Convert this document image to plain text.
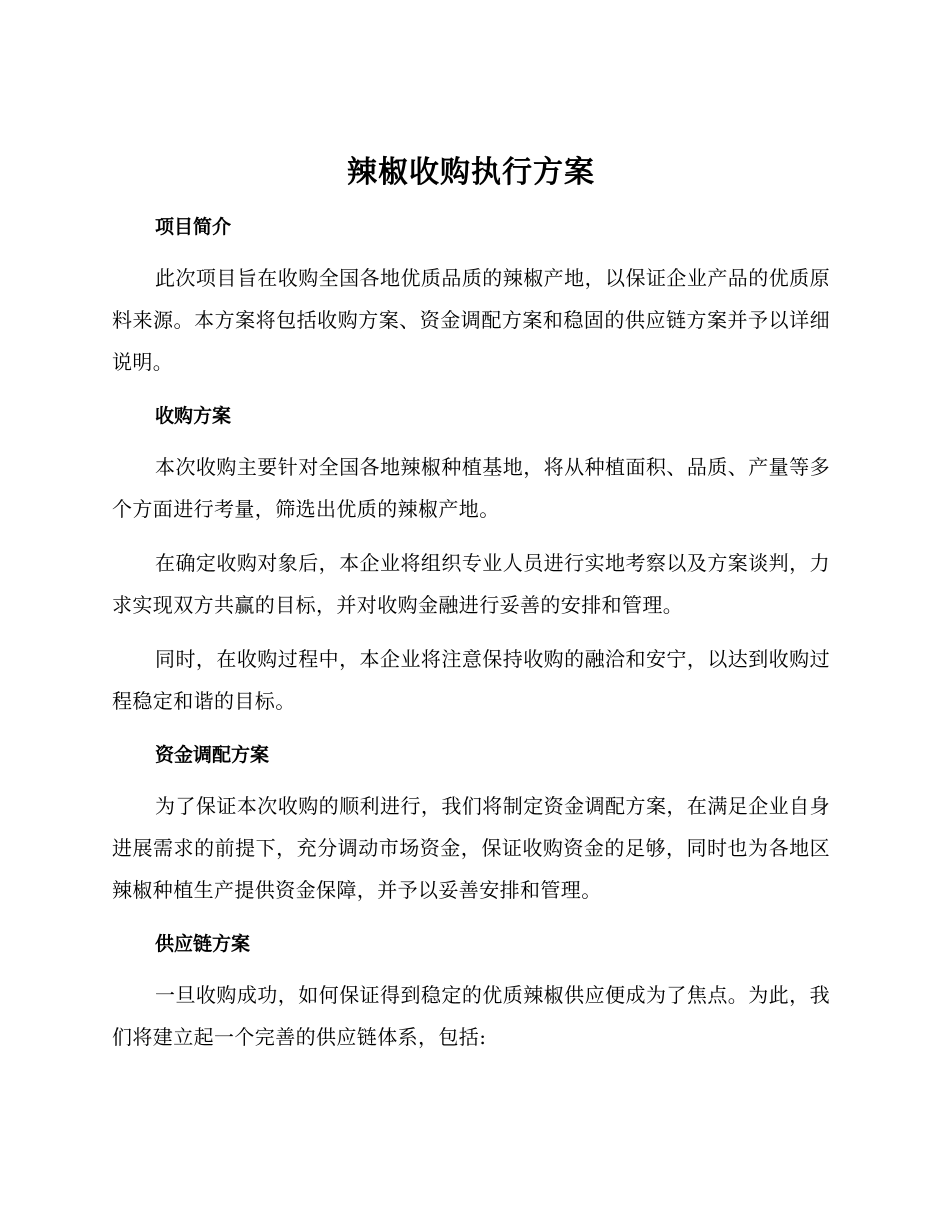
辣椒收购执行方案
项目简介

此次项目旨在收购全国各地优质品质的辣椒产地，以保证企业产品的优质原料来源。本方案将包括收购方案、资金调配方案和稳固的供应链方案并予以详细说明。

收购方案

本次收购主要针对全国各地辣椒种植基地，将从种植面积、品质、产量等多个方面进行考量，筛选出优质的辣椒产地。

在确定收购对象后，本企业将组织专业人员进行实地考察以及方案谈判，力求实现双方共赢的目标，并对收购金融进行妥善的安排和管理。

同时，在收购过程中，本企业将注意保持收购的融洽和安宁，以达到收购过程稳定和谐的目标。

资金调配方案

为了保证本次收购的顺利进行，我们将制定资金调配方案，在满足企业自身进展需求的前提下，充分调动市场资金，保证收购资金的足够，同时也为各地区辣椒种植生产提供资金保障，并予以妥善安排和管理。

供应链方案

一旦收购成功，如何保证得到稳定的优质辣椒供应便成为了焦点。为此，我们将建立起一个完善的供应链体系，包括:
